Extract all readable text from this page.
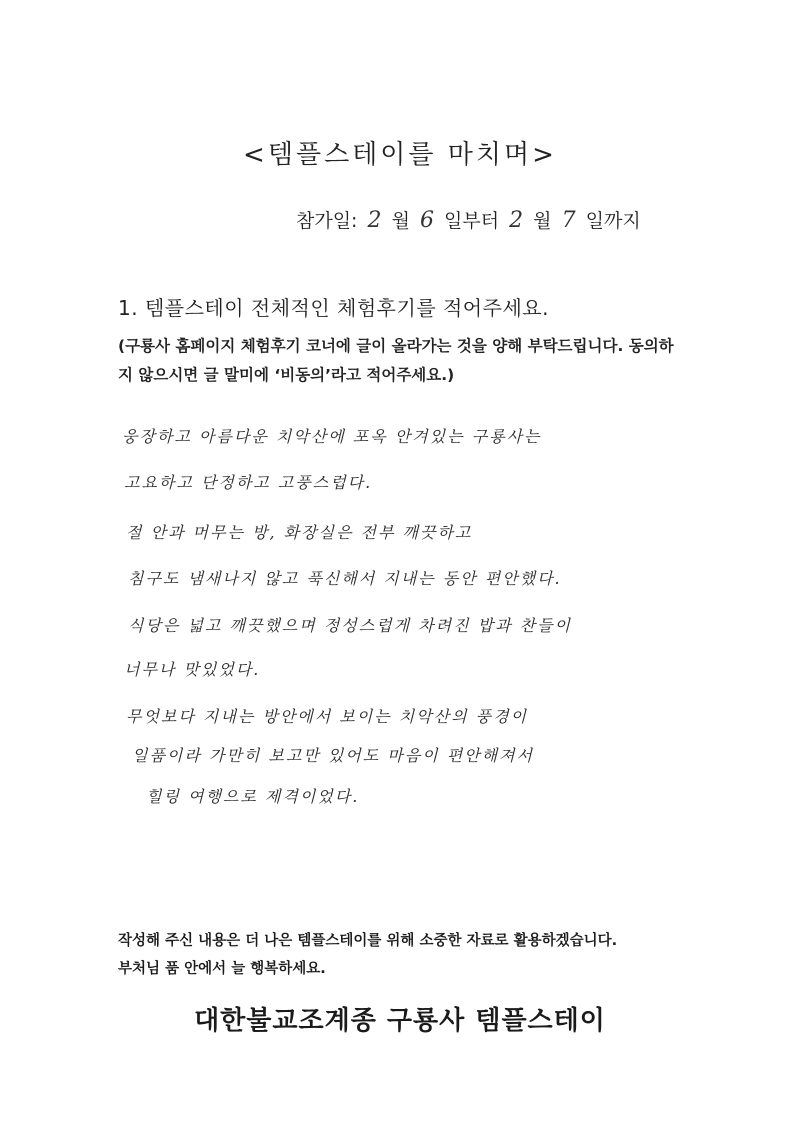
<템플스테이를 마치며>
참가일: 2 월 6 일부터 2 월 7 일까지
1. 템플스테이 전체적인 체험후기를 적어주세요.
(구룡사 홈페이지 체험후기 코너에 글이 올라가는 것을 양해 부탁드립니다. 동의하지 않으시면 글 말미에 ‘비동의’라고 적어주세요.)
웅장하고 아름다운 치악산에 포옥 안겨있는 구룡사는
고요하고 단정하고 고풍스럽다.
절 안과 머무는 방, 화장실은 전부 깨끗하고
침구도 냄새나지 않고 푹신해서 지내는 동안 편안했다.
식당은 넓고 깨끗했으며 정성스럽게 차려진 밥과 찬들이
너무나 맛있었다.
무엇보다 지내는 방안에서 보이는 치악산의 풍경이
일품이라 가만히 보고만 있어도 마음이 편안해져서
힐링 여행으로 제격이었다.
작성해 주신 내용은 더 나은 템플스테이를 위해 소중한 자료로 활용하겠습니다.
부처님 품 안에서 늘 행복하세요.
대한불교조계종 구룡사 템플스테이
